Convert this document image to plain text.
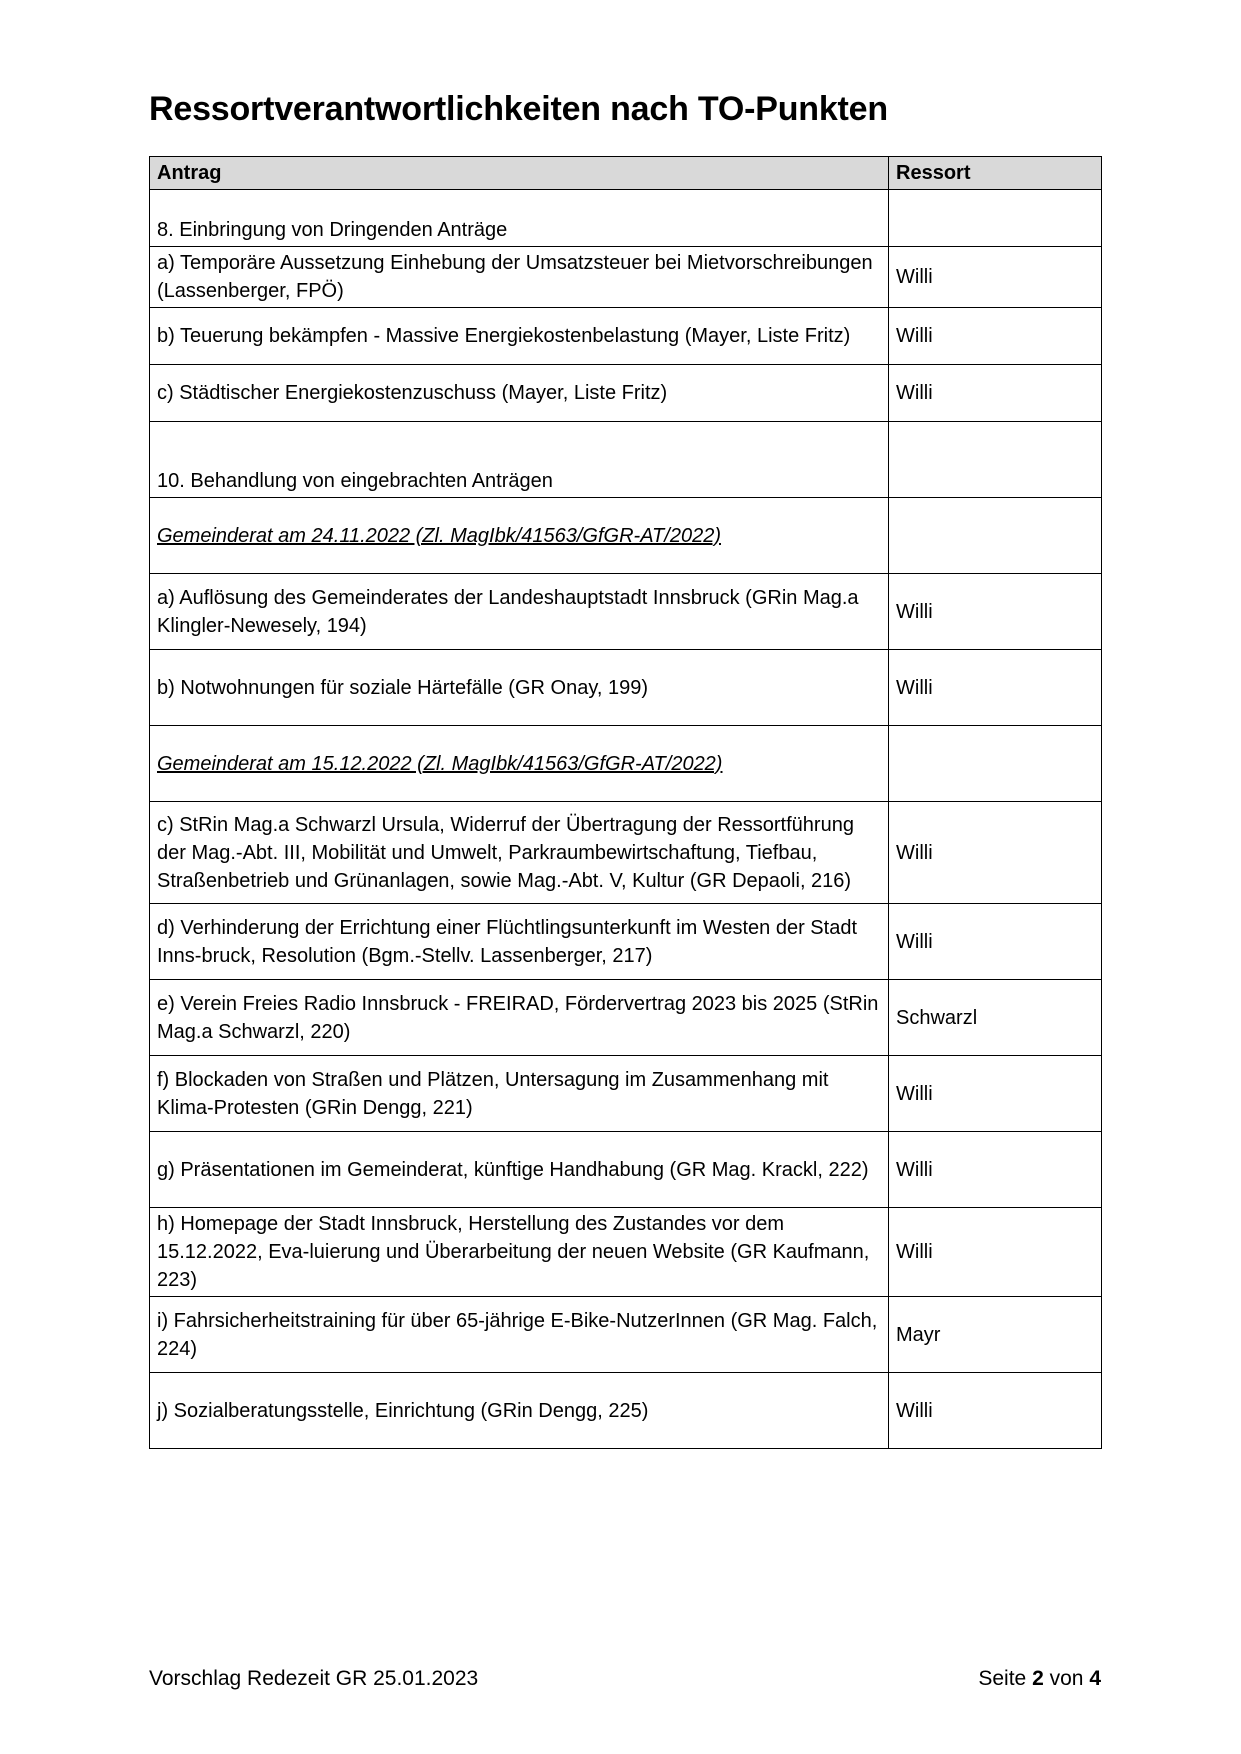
Ressortverantwortlichkeiten nach TO-Punkten
Antrag	Ressort
8. Einbringung von Dringenden Anträge	
a) Temporäre Aussetzung Einhebung der Umsatzsteuer bei Mietvorschreibungen (Lassenberger, FPÖ)	Willi
b) Teuerung bekämpfen - Massive Energiekostenbelastung (Mayer, Liste Fritz)	Willi
c) Städtischer Energiekostenzuschuss (Mayer, Liste Fritz)	Willi
10. Behandlung von eingebrachten Anträgen	
Gemeinderat am 24.11.2022 (Zl. MagIbk/41563/GfGR-AT/2022)	
a) Auflösung des Gemeinderates der Landeshauptstadt Innsbruck (GRin Mag.a Klingler-Newesely, 194)	Willi
b) Notwohnungen für soziale Härtefälle (GR Onay, 199)	Willi
Gemeinderat am 15.12.2022 (Zl. MagIbk/41563/GfGR-AT/2022)	
c) StRin Mag.a Schwarzl Ursula, Widerruf der Übertragung der Ressortführung der Mag.-Abt. III, Mobilität und Umwelt, Parkraumbewirtschaftung, Tiefbau, Straßenbetrieb und Grünanlagen, sowie Mag.-Abt. V, Kultur (GR Depaoli, 216)	Willi
d) Verhinderung der Errichtung einer Flüchtlingsunterkunft im Westen der Stadt Inns-bruck, Resolution (Bgm.-Stellv. Lassenberger, 217)	Willi
e) Verein Freies Radio Innsbruck - FREIRAD, Fördervertrag 2023 bis 2025 (StRin Mag.a Schwarzl, 220)	Schwarzl
f) Blockaden von Straßen und Plätzen, Untersagung im Zusammenhang mit Klima-Protesten (GRin Dengg, 221)	Willi
g) Präsentationen im Gemeinderat, künftige Handhabung (GR Mag. Krackl, 222)	Willi
h) Homepage der Stadt Innsbruck, Herstellung des Zustandes vor dem 15.12.2022, Eva-luierung und Überarbeitung der neuen Website (GR Kaufmann, 223)	Willi
i) Fahrsicherheitstraining für über 65-jährige E-Bike-NutzerInnen (GR Mag. Falch, 224)	Mayr
j) Sozialberatungsstelle, Einrichtung (GRin Dengg, 225)	Willi
Vorschlag Redezeit GR 25.01.2023	Seite 2 von 4
